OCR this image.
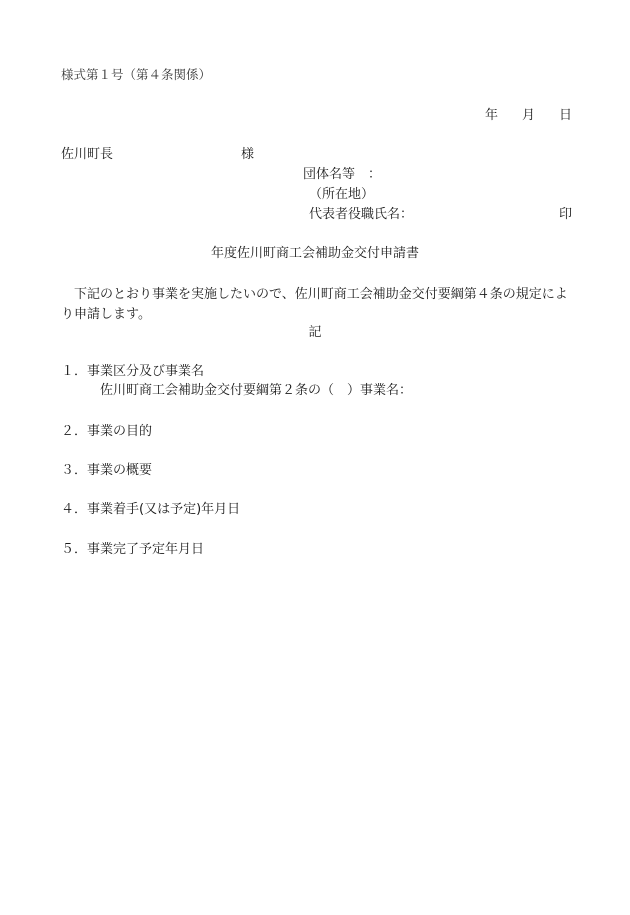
様式第１号（第４条関係）
年 月 日
佐川町長	様
団体名等　：
（所在地）
代表者役職氏名：	印
年度佐川町商工会補助金交付申請書
下記のとおり事業を実施したいので、佐川町商工会補助金交付要綱第４条の規定により申請します。
記
１．事業区分及び事業名
佐川町商工会補助金交付要綱第２条の（　）事業名：
２．事業の目的
３．事業の概要
４．事業着手(又は予定)年月日
５．事業完了予定年月日
